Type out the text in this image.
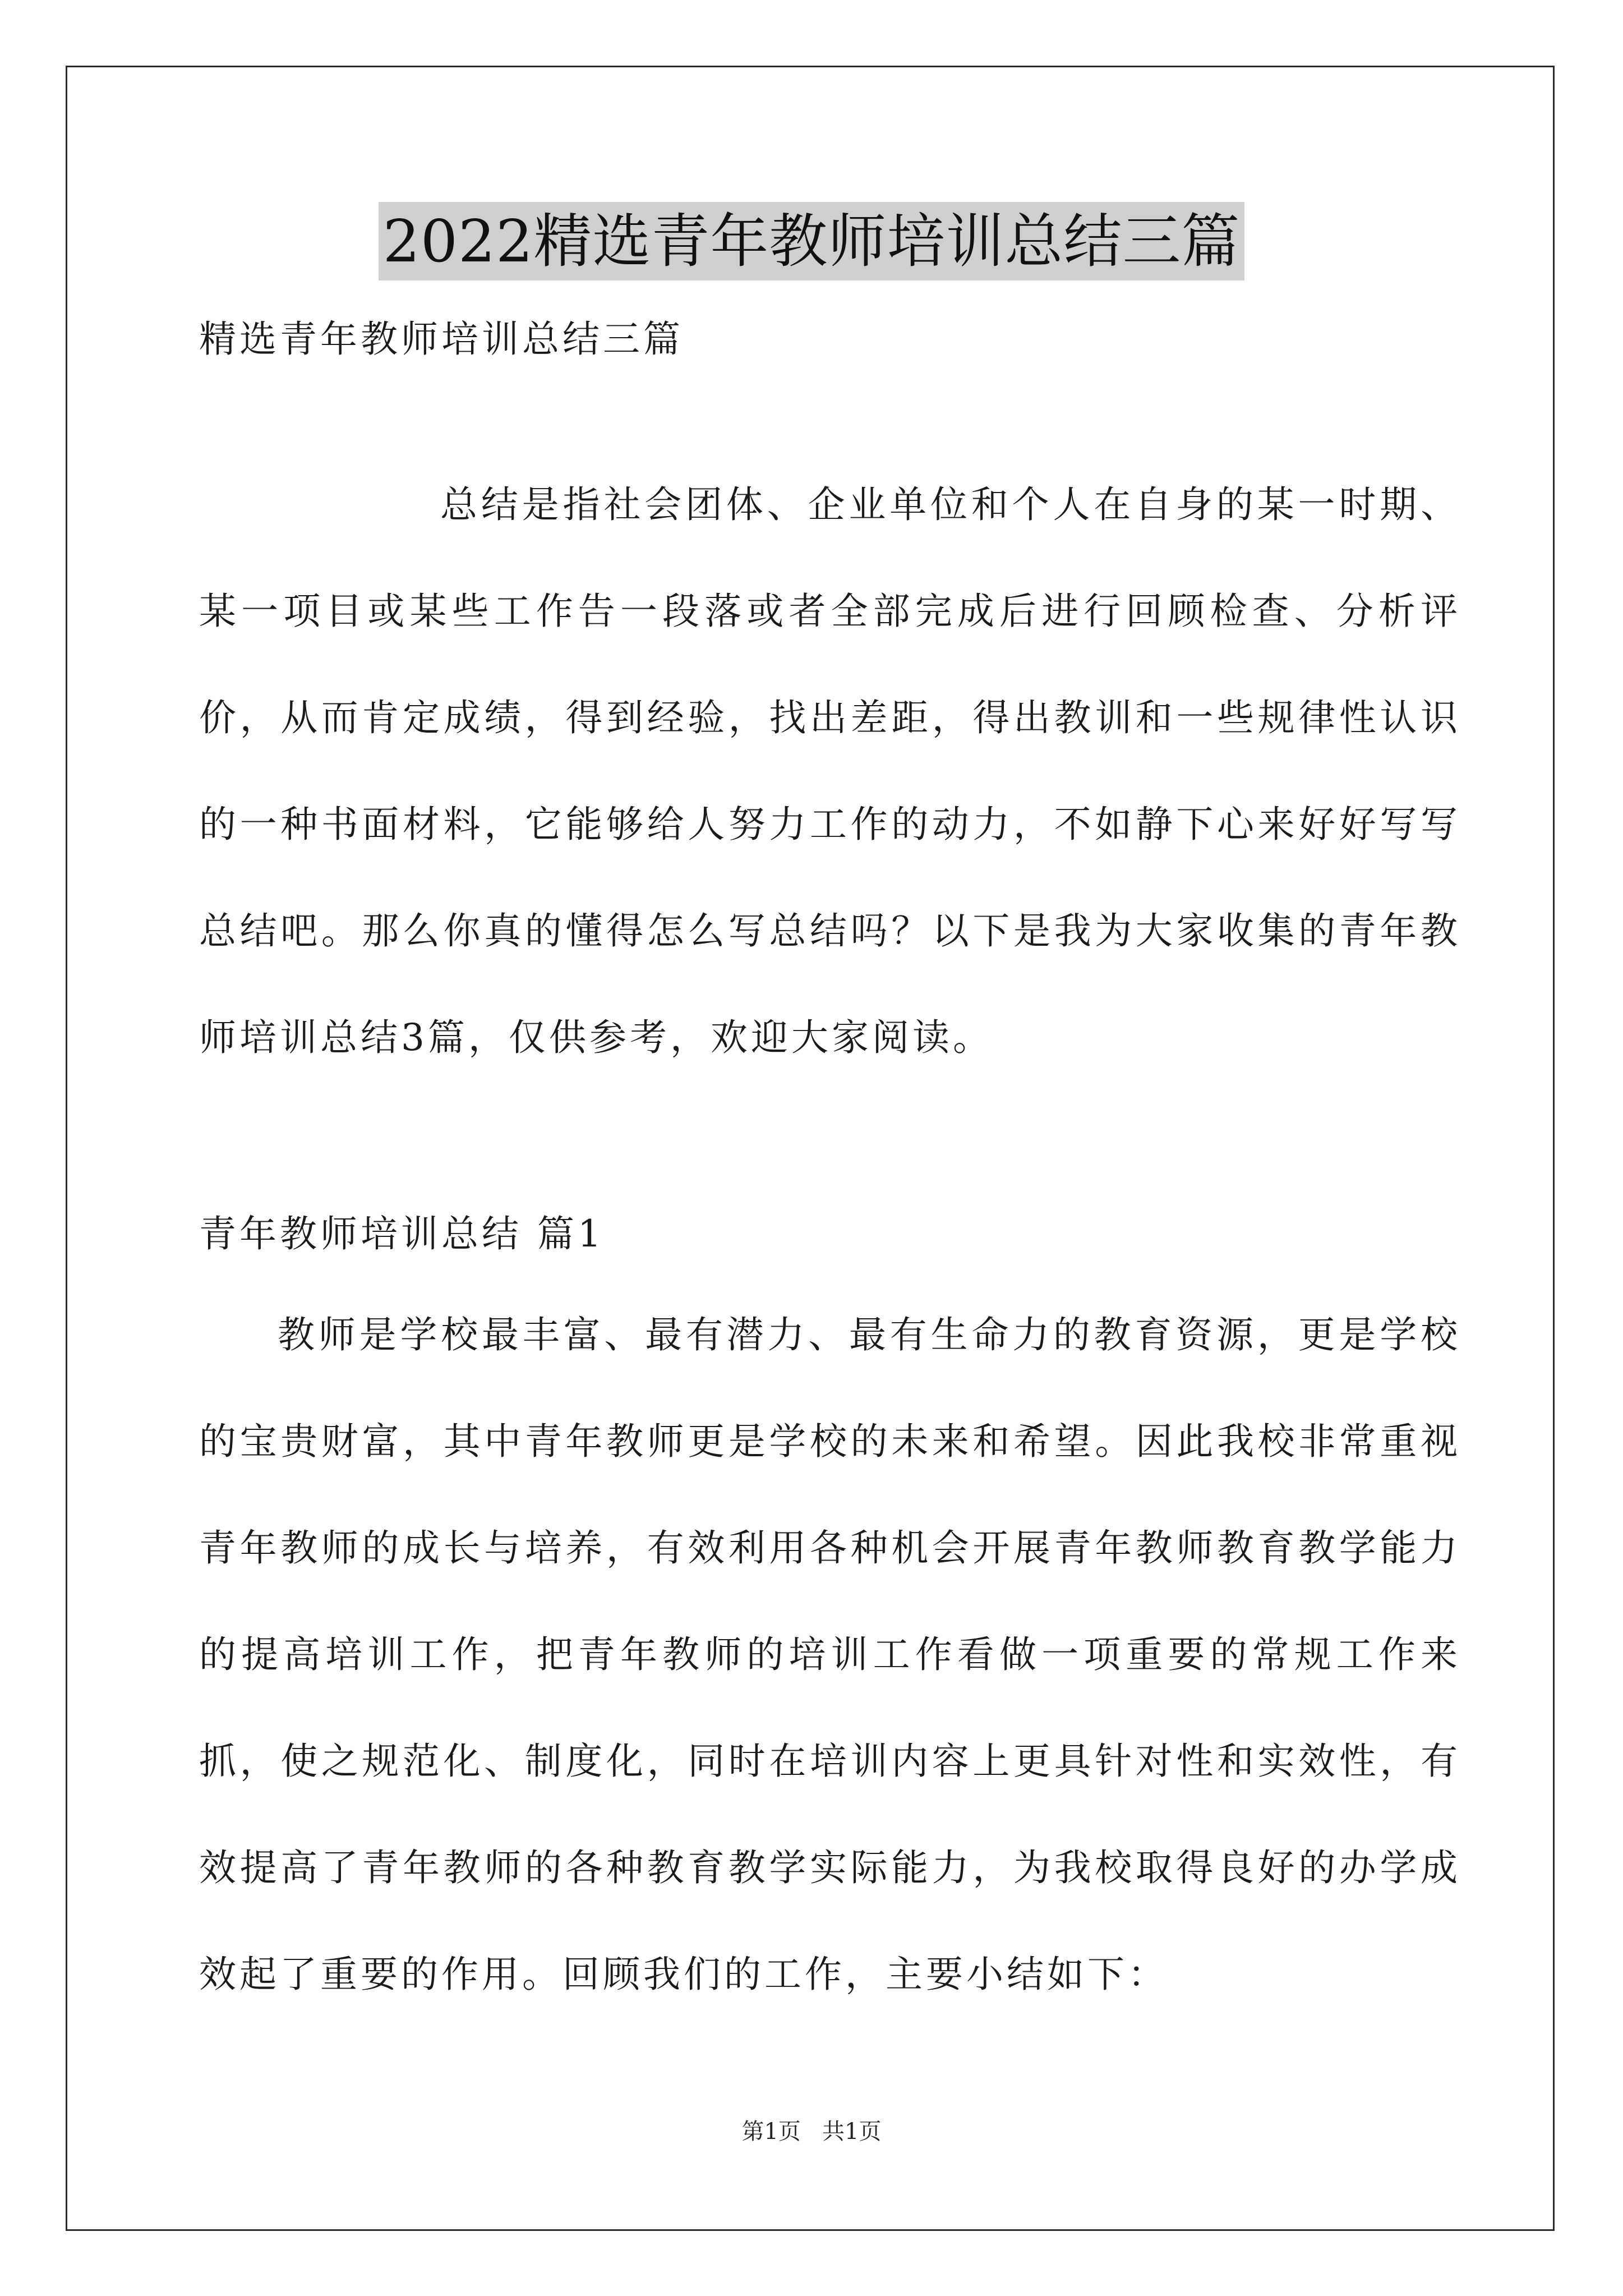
2022精选青年教师培训总结三篇

精选青年教师培训总结三篇

总结是指社会团体、企业单位和个人在自身的某一时期、某一项目或某些工作告一段落或者全部完成后进行回顾检查、分析评价，从而肯定成绩，得到经验，找出差距，得出教训和一些规律性认识的一种书面材料，它能够给人努力工作的动力，不如静下心来好好写写总结吧。那么你真的懂得怎么写总结吗？以下是我为大家收集的青年教师培训总结3篇，仅供参考，欢迎大家阅读。

青年教师培训总结 篇1

教师是学校最丰富、最有潜力、最有生命力的教育资源，更是学校的宝贵财富，其中青年教师更是学校的未来和希望。因此我校非常重视青年教师的成长与培养，有效利用各种机会开展青年教师教育教学能力的提高培训工作，把青年教师的培训工作看做一项重要的常规工作来抓，使之规范化、制度化，同时在培训内容上更具针对性和实效性，有效提高了青年教师的各种教育教学实际能力，为我校取得良好的办学成效起了重要的作用。回顾我们的工作，主要小结如下：

第1页   共1页
